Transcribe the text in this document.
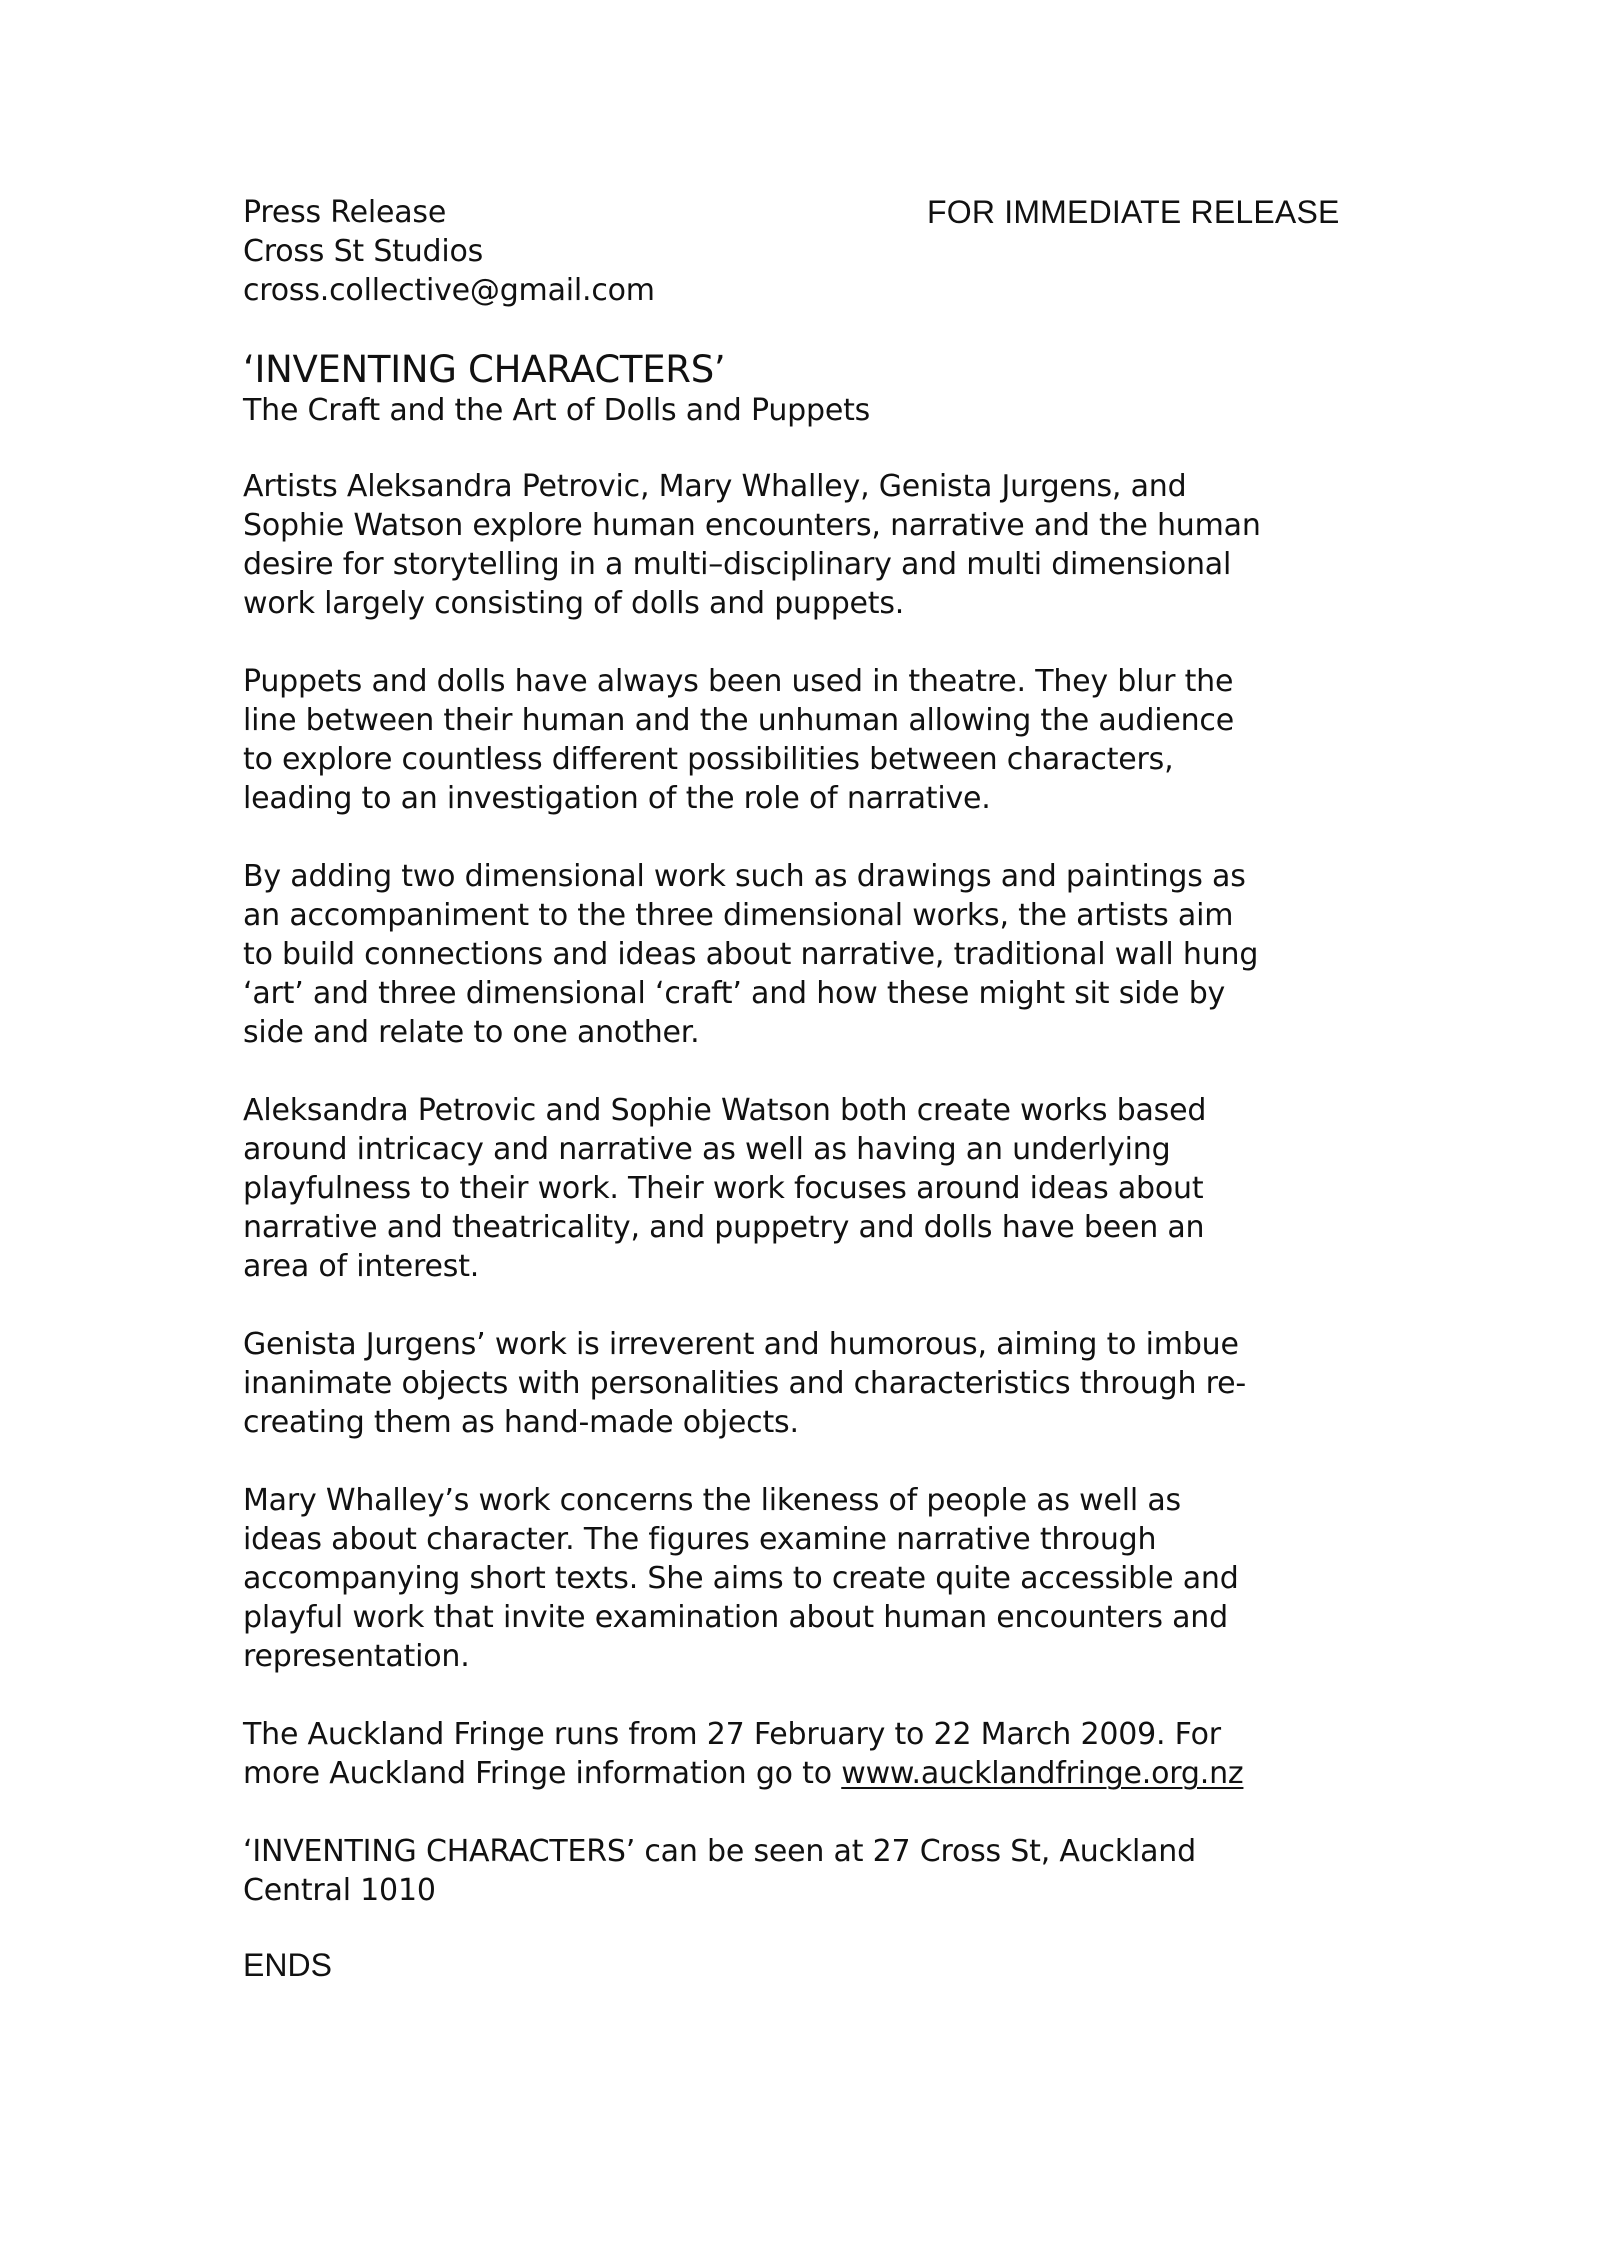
Press Release	FOR IMMEDIATE RELEASE
Cross St Studios
cross.collective@gmail.com
‘INVENTING CHARACTERS’
The Craft and the Art of Dolls and Puppets
Artists Aleksandra Petrovic, Mary Whalley, Genista Jurgens, and
Sophie Watson explore human encounters, narrative and the human
desire for storytelling in a multi–disciplinary and multi dimensional
work largely consisting of dolls and puppets.
Puppets and dolls have always been used in theatre. They blur the
line between their human and the unhuman allowing the audience
to explore countless different possibilities between characters,
leading to an investigation of the role of narrative.
By adding two dimensional work such as drawings and paintings as
an accompaniment to the three dimensional works, the artists aim
to build connections and ideas about narrative, traditional wall hung
‘art’ and three dimensional ‘craft’ and how these might sit side by
side and relate to one another.
Aleksandra Petrovic and Sophie Watson both create works based
around intricacy and narrative as well as having an underlying
playfulness to their work. Their work focuses around ideas about
narrative and theatricality, and puppetry and dolls have been an
area of interest.
Genista Jurgens’ work is irreverent and humorous, aiming to imbue
inanimate objects with personalities and characteristics through re-
creating them as hand-made objects.
Mary Whalley’s work concerns the likeness of people as well as
ideas about character. The figures examine narrative through
accompanying short texts. She aims to create quite accessible and
playful work that invite examination about human encounters and
representation.
The Auckland Fringe runs from 27 February to 22 March 2009. For
more Auckland Fringe information go to www.aucklandfringe.org.nz
‘INVENTING CHARACTERS’ can be seen at 27 Cross St, Auckland
Central 1010
ENDS
